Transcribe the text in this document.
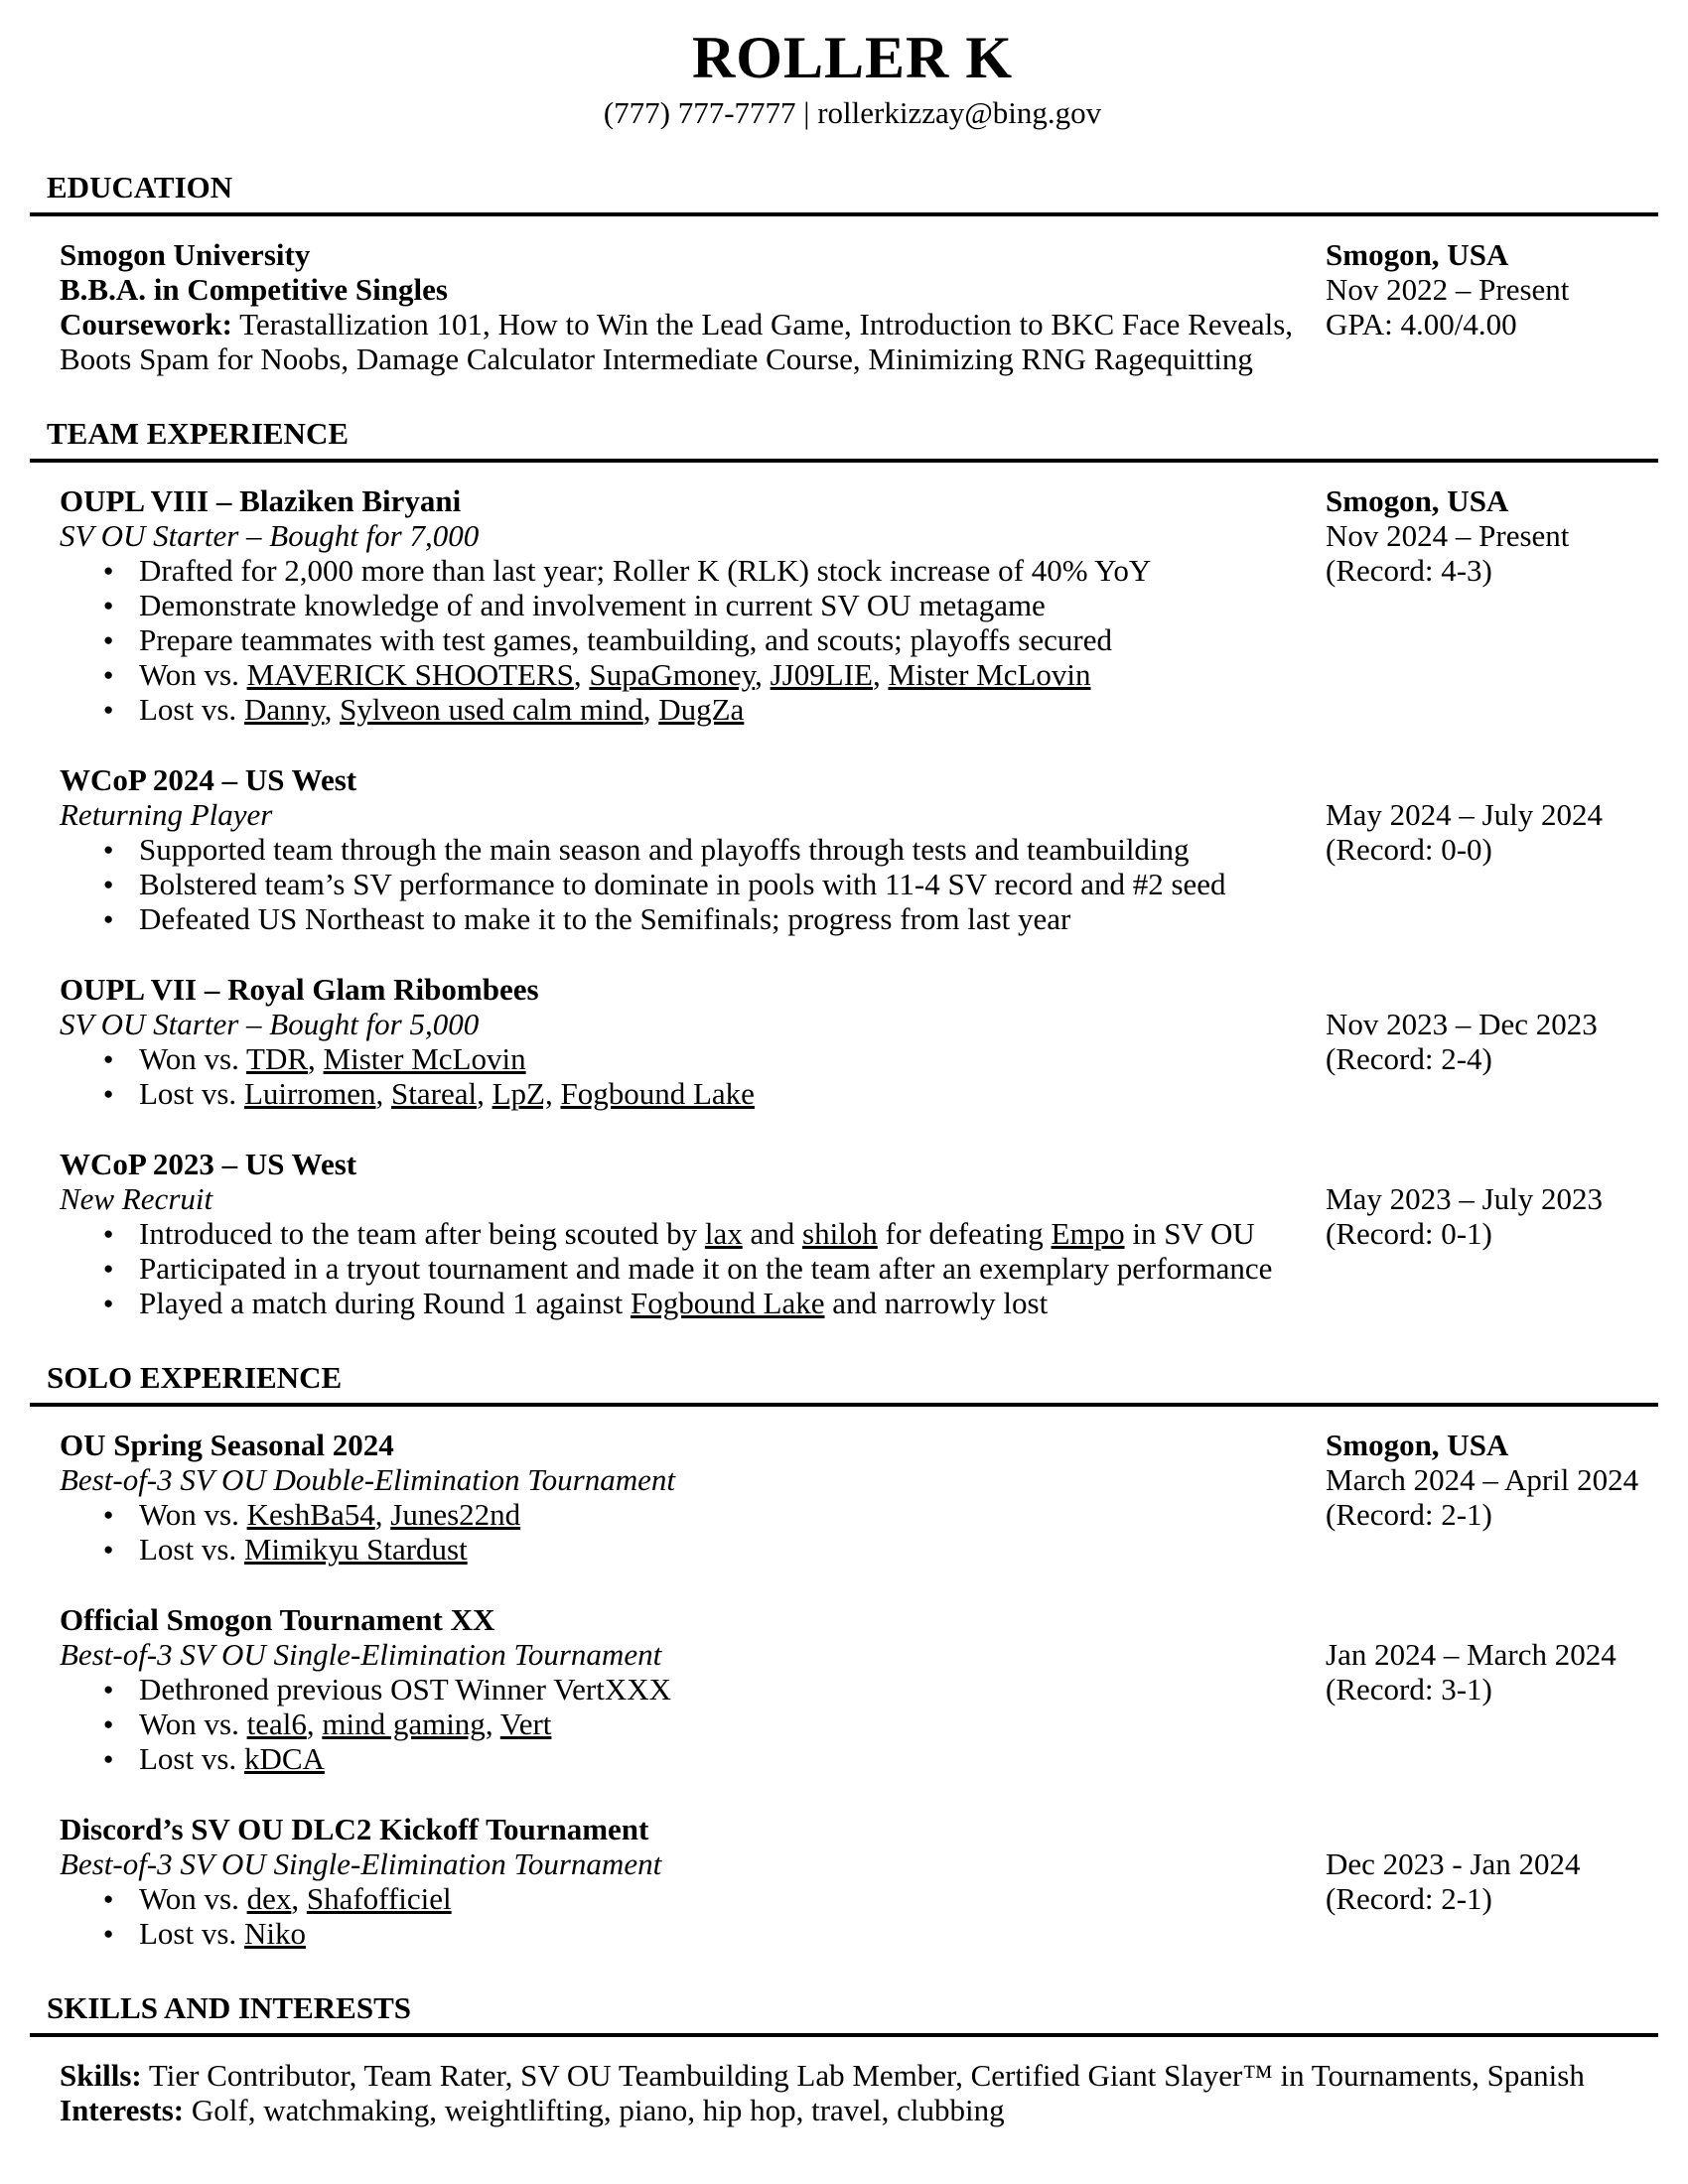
ROLLER K
(777) 777-7777 | rollerkizzay@bing.gov
EDUCATION
Smogon University
B.B.A. in Competitive Singles
Coursework: Terastallization 101, How to Win the Lead Game, Introduction to BKC Face Reveals, Boots Spam for Noobs, Damage Calculator Intermediate Course, Minimizing RNG Ragequitting
Smogon, USA
Nov 2022 – Present
GPA: 4.00/4.00
TEAM EXPERIENCE
OUPL VIII – Blaziken Biryani
SV OU Starter – Bought for 7,000
● Drafted for 2,000 more than last year; Roller K (RLK) stock increase of 40% YoY
● Demonstrate knowledge of and involvement in current SV OU metagame
● Prepare teammates with test games, teambuilding, and scouts; playoffs secured
● Won vs. MAVERICK SHOOTERS, SupaGmoney, JJ09LIE, Mister McLovin
● Lost vs. Danny, Sylveon used calm mind, DugZa
Smogon, USA
Nov 2024 – Present
(Record: 4-3)
WCoP 2024 – US West
Returning Player
● Supported team through the main season and playoffs through tests and teambuilding
● Bolstered team’s SV performance to dominate in pools with 11-4 SV record and #2 seed
● Defeated US Northeast to make it to the Semifinals; progress from last year
May 2024 – July 2024
(Record: 0-0)
OUPL VII – Royal Glam Ribombees
SV OU Starter – Bought for 5,000
● Won vs. TDR, Mister McLovin
● Lost vs. Luirromen, Stareal, LpZ, Fogbound Lake
Nov 2023 – Dec 2023
(Record: 2-4)
WCoP 2023 – US West
New Recruit
● Introduced to the team after being scouted by lax and shiloh for defeating Empo in SV OU
● Participated in a tryout tournament and made it on the team after an exemplary performance
● Played a match during Round 1 against Fogbound Lake and narrowly lost
May 2023 – July 2023
(Record: 0-1)
SOLO EXPERIENCE
OU Spring Seasonal 2024
Best-of-3 SV OU Double-Elimination Tournament
● Won vs. KeshBa54, Junes22nd
● Lost vs. Mimikyu Stardust
Smogon, USA
March 2024 – April 2024
(Record: 2-1)
Official Smogon Tournament XX
Best-of-3 SV OU Single-Elimination Tournament
● Dethroned previous OST Winner VertXXX
● Won vs. teal6, mind gaming, Vert
● Lost vs. kDCA
Jan 2024 – March 2024
(Record: 3-1)
Discord’s SV OU DLC2 Kickoff Tournament
Best-of-3 SV OU Single-Elimination Tournament
● Won vs. dex, Shafofficiel
● Lost vs. Niko
Dec 2023 - Jan 2024
(Record: 2-1)
SKILLS AND INTERESTS
Skills: Tier Contributor, Team Rater, SV OU Teambuilding Lab Member, Certified Giant Slayer™ in Tournaments, Spanish
Interests: Golf, watchmaking, weightlifting, piano, hip hop, travel, clubbing
